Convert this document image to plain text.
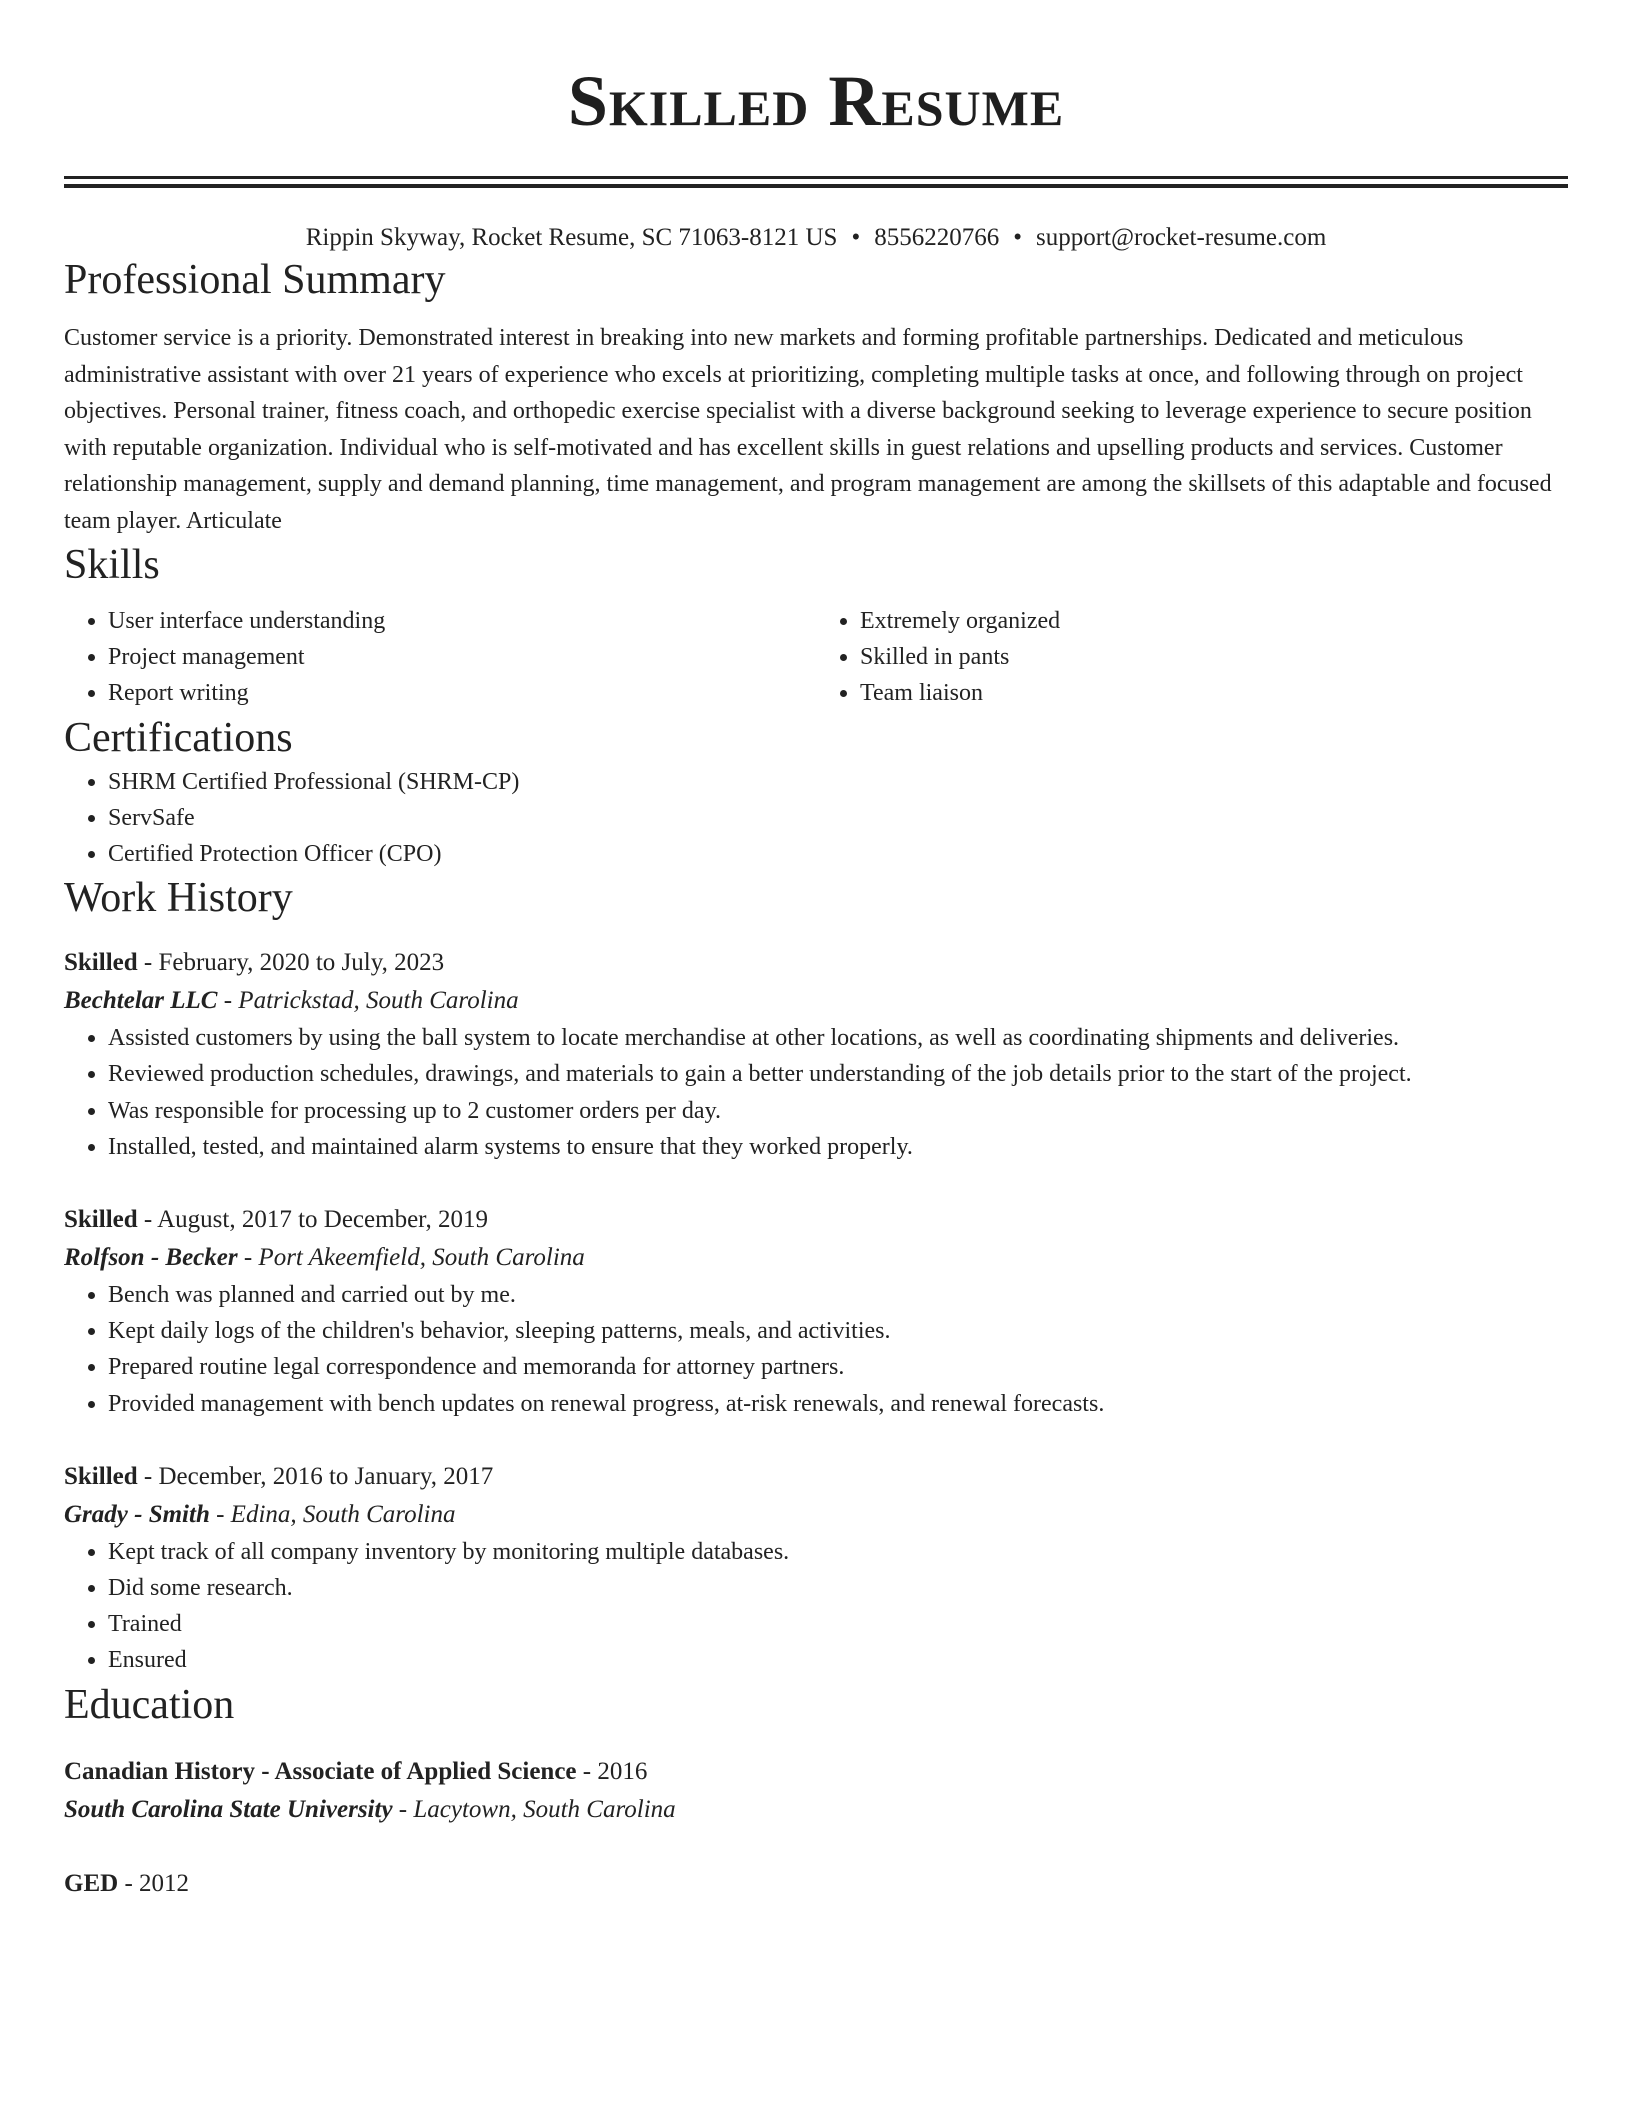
Skilled Resume
Rippin Skyway, Rocket Resume, SC 71063-8121 US • 8556220766 • support@rocket-resume.com
Professional Summary
Customer service is a priority. Demonstrated interest in breaking into new markets and forming profitable partnerships. Dedicated and meticulous administrative assistant with over 21 years of experience who excels at prioritizing, completing multiple tasks at once, and following through on project objectives. Personal trainer, fitness coach, and orthopedic exercise specialist with a diverse background seeking to leverage experience to secure position with reputable organization. Individual who is self-motivated and has excellent skills in guest relations and upselling products and services. Customer relationship management, supply and demand planning, time management, and program management are among the skillsets of this adaptable and focused team player. Articulate
Skills
• User interface understanding
• Project management
• Report writing
• Extremely organized
• Skilled in pants
• Team liaison
Certifications
• SHRM Certified Professional (SHRM-CP)
• ServSafe
• Certified Protection Officer (CPO)
Work History
Skilled - February, 2020 to July, 2023
Bechtelar LLC - Patrickstad, South Carolina
• Assisted customers by using the ball system to locate merchandise at other locations, as well as coordinating shipments and deliveries.
• Reviewed production schedules, drawings, and materials to gain a better understanding of the job details prior to the start of the project.
• Was responsible for processing up to 2 customer orders per day.
• Installed, tested, and maintained alarm systems to ensure that they worked properly.
Skilled - August, 2017 to December, 2019
Rolfson - Becker - Port Akeemfield, South Carolina
• Bench was planned and carried out by me.
• Kept daily logs of the children's behavior, sleeping patterns, meals, and activities.
• Prepared routine legal correspondence and memoranda for attorney partners.
• Provided management with bench updates on renewal progress, at-risk renewals, and renewal forecasts.
Skilled - December, 2016 to January, 2017
Grady - Smith - Edina, South Carolina
• Kept track of all company inventory by monitoring multiple databases.
• Did some research.
• Trained
• Ensured
Education
Canadian History - Associate of Applied Science - 2016
South Carolina State University - Lacytown, South Carolina
GED - 2012
